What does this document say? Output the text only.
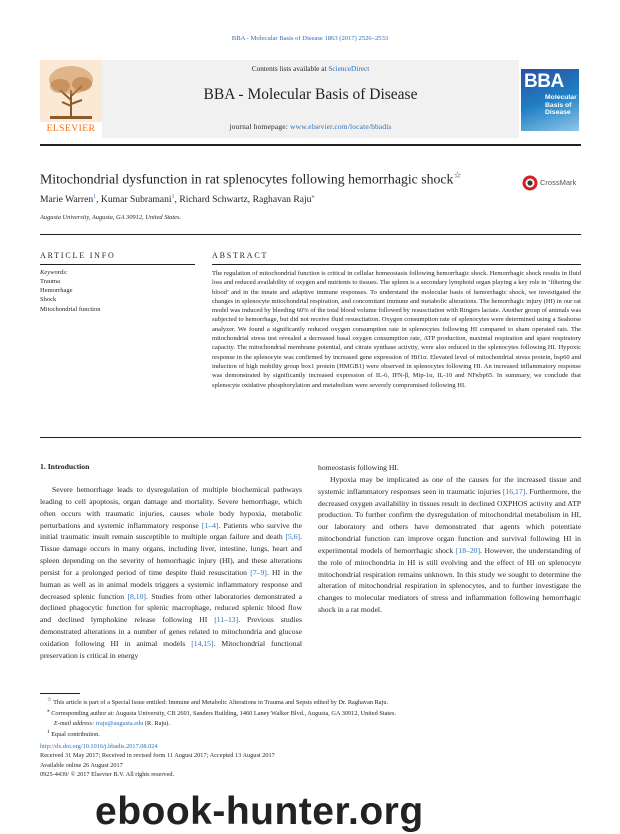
BBA - Molecular Basis of Disease 1863 (2017) 2526–2533
ELSEVIER
Contents lists available at ScienceDirect
BBA - Molecular Basis of Disease
journal homepage: www.elsevier.com/locate/bbadis
BBA
Molecular
Basis of
Disease
Mitochondrial dysfunction in rat splenocytes following hemorrhagic shock☆
CrossMark
Marie Warren$^1$, Kumar Subramani$^1$, Richard Schwartz, Raghavan Raju⁎
Augusta University, Augusta, GA 30912, United States.
ARTICLE INFO
Keywords:
Trauma
Hemorrhage
Shock
Mitochondrial function
ABSTRACT
The regulation of mitochondrial function is critical in cellular homeostasis following hemorrhagic shock. Hemorrhagic shock results in fluid loss and reduced availability of oxygen and nutrients to tissues. The spleen is a secondary lymphoid organ playing a key role in ‘filtering the blood’ and in the innate and adaptive immune responses. To understand the molecular basis of hemorrhagic shock, we investigated the changes in splenocyte mitochondrial respiration, and concomitant immune and metabolic alterations. The hemorrhagic injury (HI) in our rat model was induced by bleeding 60% of the total blood volume followed by resuscitation with Ringers lactate. Another group of animals was subjected to hemorrhage, but did not receive fluid resuscitation. Oxygen consumption rate of splenocytes were determined using a Seahorse analyzer. We found a significantly reduced oxygen consumption rate in splenocytes following HI compared to sham operated rats. The mitochondrial stress test revealed a decreased basal oxygen consumption rate, ATP production, maximal respiration and spare respiratory capacity. The mitochondrial membrane potential, and citrate synthase activity, were also reduced in the splenocytes following HI. Hypoxic response in the splenocyte was confirmed by increased gene expression of Hif1α. Elevated level of mitochondrial stress protein, hsp60 and induction of high mobility group box1 protein (HMGB1) were observed in splenocytes following HI. An increased inflammatory response was demonstrated by significantly increased expression of IL-6, IFN-β, Mip-1α, IL-10 and NFκbp65. In summary, we conclude that splenocyte oxidative phosphorylation and metabolism were severely compromised following HI.
1. Introduction

Severe hemorrhage leads to dysregulation of multiple biochemical pathways leading to cell apoptosis, organ damage and mortality. Severe hemorrhage, which often occurs with traumatic injuries, causes whole body hypoxia, metabolic perturbations and systemic inflammatory response [1–4]. Patients who survive the initial traumatic insult remain susceptible to multiple organ failure and death [5,6]. Tissue damage occurs in many organs, including liver, intestine, lungs, heart and spleen depending on the severity of hemorrhagic injury (HI), and these alterations persist for a prolonged period of time despite fluid resuscitation [7–9]. HI in the human as well as in animal models triggers a systemic inflammatory response and decreased splenic function [8,10]. Studies from other laboratories demonstrated a declined phagocytic function for splenic macrophage, reduced splenic blood flow and declined lymphokine release following HI [11–13]. Previous studies demonstrated alterations in a number of genes related to mitochondria and glucose oxidation following HI in animal models [14,15]. Mitochondrial functional preservation is critical in energy

homeostasis following HI.

Hypoxia may be implicated as one of the causes for the increased tissue and systemic inflammatory responses seen in traumatic injuries [16,17]. Furthermore, the decreased oxygen availability in tissues result in declined OXPHOS activity and ATP production. To further confirm the dysregulation of mitochondrial metabolism in HI, our laboratory and others have demonstrated that agents which potentiate mitochondrial function can improve organ function and survival following HI in experimental models of hemorrhagic shock [18–20]. However, the understanding of the role of mitochondria in HI is still evolving and the effect of HI on splenocyte mitochondrial respiration remains unknown. In this study we sought to determine the alteration of mitochondrial respiration in splenocytes, and to further investigate the changes to molecular mediators of stress and inflammation following hemorrhagic shock in a rat model.

☆ This article is part of a Special Issue entitled: Immune and Metabolic Alterations in Trauma and Sepsis edited by Dr. Raghavan Raju.
⁎ Corresponding author at: Augusta University, CB 2601, Sanders Building, 1460 Laney Walker Blvd., Augusta, GA 30912, United States.
E-mail address: rraju@augusta.edu (R. Raju).
$^1$ Equal contribution.
http://dx.doi.org/10.1016/j.bbadis.2017.08.024
Received 31 May 2017; Received in revised form 11 August 2017; Accepted 13 August 2017
Available online 26 August 2017
0925-4439/ © 2017 Elsevier B.V. All rights reserved.
ebook-hunter.org
